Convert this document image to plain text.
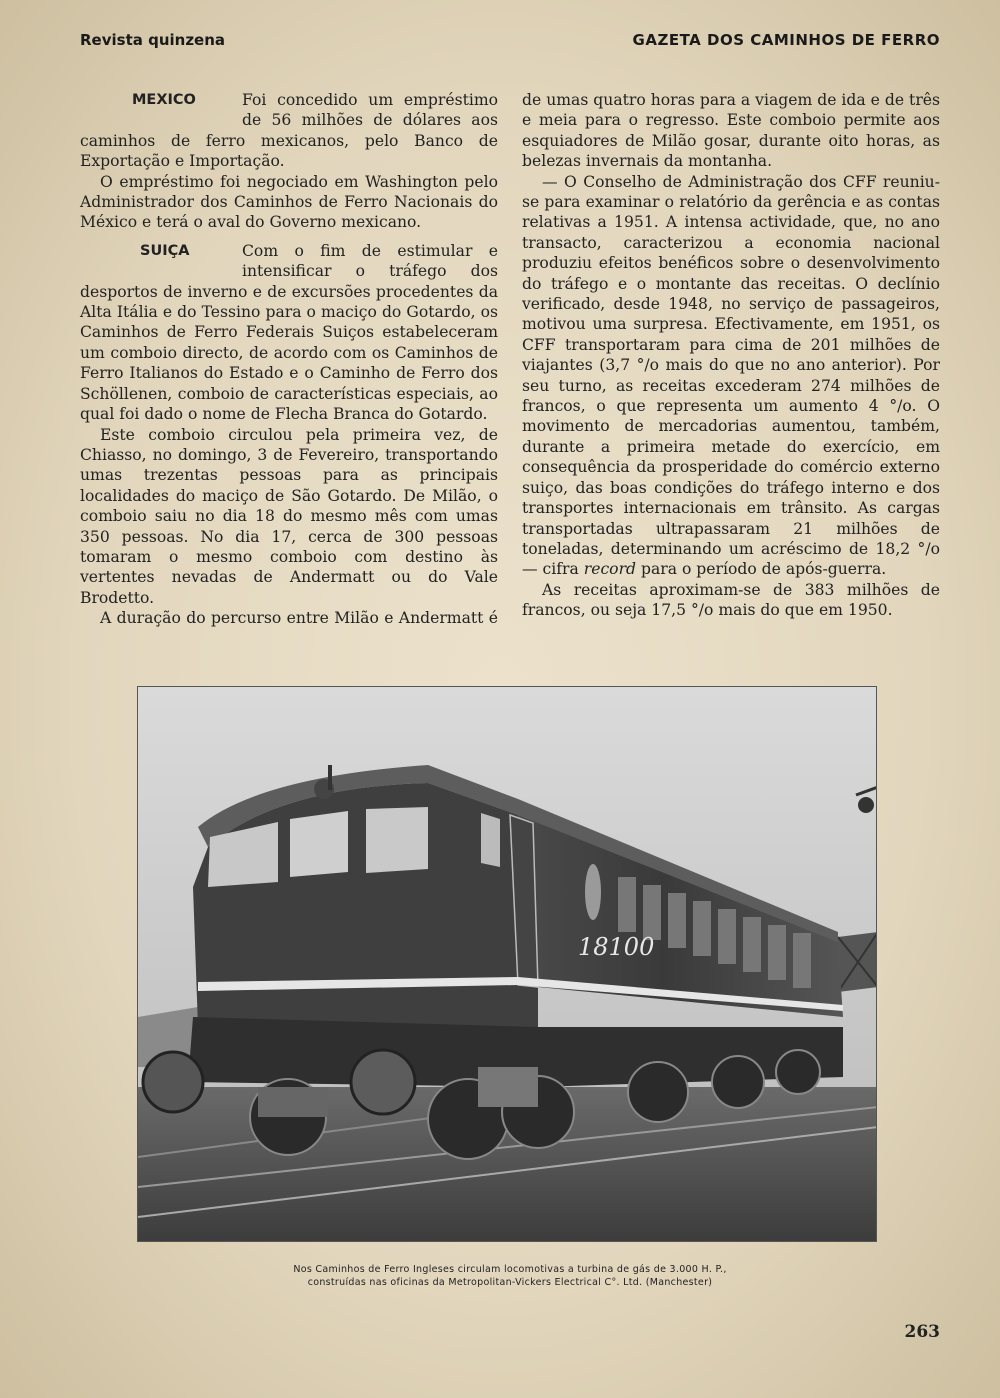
Revista quinzena	GAZETA DOS CAMINHOS DE FERRO
MEXICO	Foi concedido um empréstimo de 56 milhões de dólares aos caminhos de ferro mexicanos, pelo Banco de Exportação e Importação.

O empréstimo foi negociado em Washington pelo Administrador dos Caminhos de Ferro Nacionais do México e terá o aval do Governo mexicano.

SUIÇA	Com o fim de estimular e intensificar o tráfego dos desportos de inverno e de excursões procedentes da Alta Itália e do Tessino para o maciço do Gotardo, os Caminhos de Ferro Federais Suiços estabeleceram um comboio directo, de acordo com os Caminhos de Ferro Italianos do Estado e o Caminho de Ferro dos Schöllenen, comboio de características especiais, ao qual foi dado o nome de Flecha Branca do Gotardo.

Este comboio circulou pela primeira vez, de Chiasso, no domingo, 3 de Fevereiro, transportando umas trezentas pessoas para as principais localidades do maciço de São Gotardo. De Milão, o comboio saiu no dia 18 do mesmo mês com umas 350 pessoas. No dia 17, cerca de 300 pessoas tomaram o mesmo comboio com destino às vertentes nevadas de Andermatt ou do Vale Brodetto.

A duração do percurso entre Milão e Andermatt é

de umas quatro horas para a viagem de ida e de três e meia para o regresso. Este comboio permite aos esquiadores de Milão gosar, durante oito horas, as belezas invernais da montanha.

— O Conselho de Administração dos CFF reuniu-se para examinar o relatório da gerência e as contas relativas a 1951. A intensa actividade, que, no ano transacto, caracterizou a economia nacional produziu efeitos benéficos sobre o desenvolvimento do tráfego e o montante das receitas. O declínio verificado, desde 1948, no serviço de passageiros, motivou uma surpresa. Efectivamente, em 1951, os CFF transportaram para cima de 201 milhões de viajantes (3,7 °/o mais do que no ano anterior). Por seu turno, as receitas excederam 274 milhões de francos, o que representa um aumento 4 °/o. O movimento de mercadorias aumentou, também, durante a primeira metade do exercício, em consequência da prosperidade do comércio externo suiço, das boas condições do tráfego interno e dos transportes internacionais em trânsito. As cargas transportadas ultrapassaram 21 milhões de toneladas, determinando um acréscimo de 18,2 °/o — cifra record para o período de após-guerra.

As receitas aproximam-se de 383 milhões de francos, ou seja 17,5 °/o mais do que em 1950.

18100
Nos Caminhos de Ferro Ingleses circulam locomotivas a turbina de gás de 3.000 H. P.,
construídas nas oficinas da Metropolitan-Vickers Electrical C°. Ltd. (Manchester)
263
